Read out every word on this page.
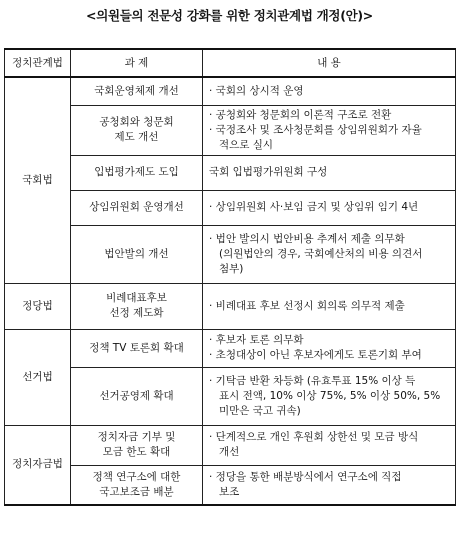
<의원들의 전문성 강화를 위한 정치관계법 개정(안)>
정치관계법	과 제	내 용
국회법	국회운영체제 개선	· 국회의 상시적 운영

	공청회와 청문회
제도 개선	· 공청회와 청문회의 이론적 구조로 전환
· 국정조사 및 조사청문회를 상임위원회가 자율
적으로 실시

	입법평가제도 도입	국회 입법평가위원회 구성

	상임위원회 운영개선	· 상임위원회 사·보임 금지 및 상임위 임기 4년

	법안발의 개선	· 법안 발의시 법안비용 추계서 제출 의무화
(의원법안의 경우, 국회예산처의 비용 의견서
첨부)

정당법	비례대표후보
선정 제도화	· 비례대표 후보 선정시 회의록 의무적 제출

선거법	정책 TV 토론회 확대	· 후보자 토론 의무화
· 초청대상이 아닌 후보자에게도 토론기회 부여

	선거공영제 확대	· 기탁금 반환 차등화 (유효투표 15% 이상 득
표시 전액, 10% 이상 75%, 5% 이상 50%, 5%
미만은 국고 귀속)

정치자금법	정치자금 기부 및
모금 한도 확대	· 단계적으로 개인 후원회 상한선 및 모금 방식
개선

	정책 연구소에 대한
국고보조금 배분	· 정당을 통한 배분방식에서 연구소에 직접
보조
